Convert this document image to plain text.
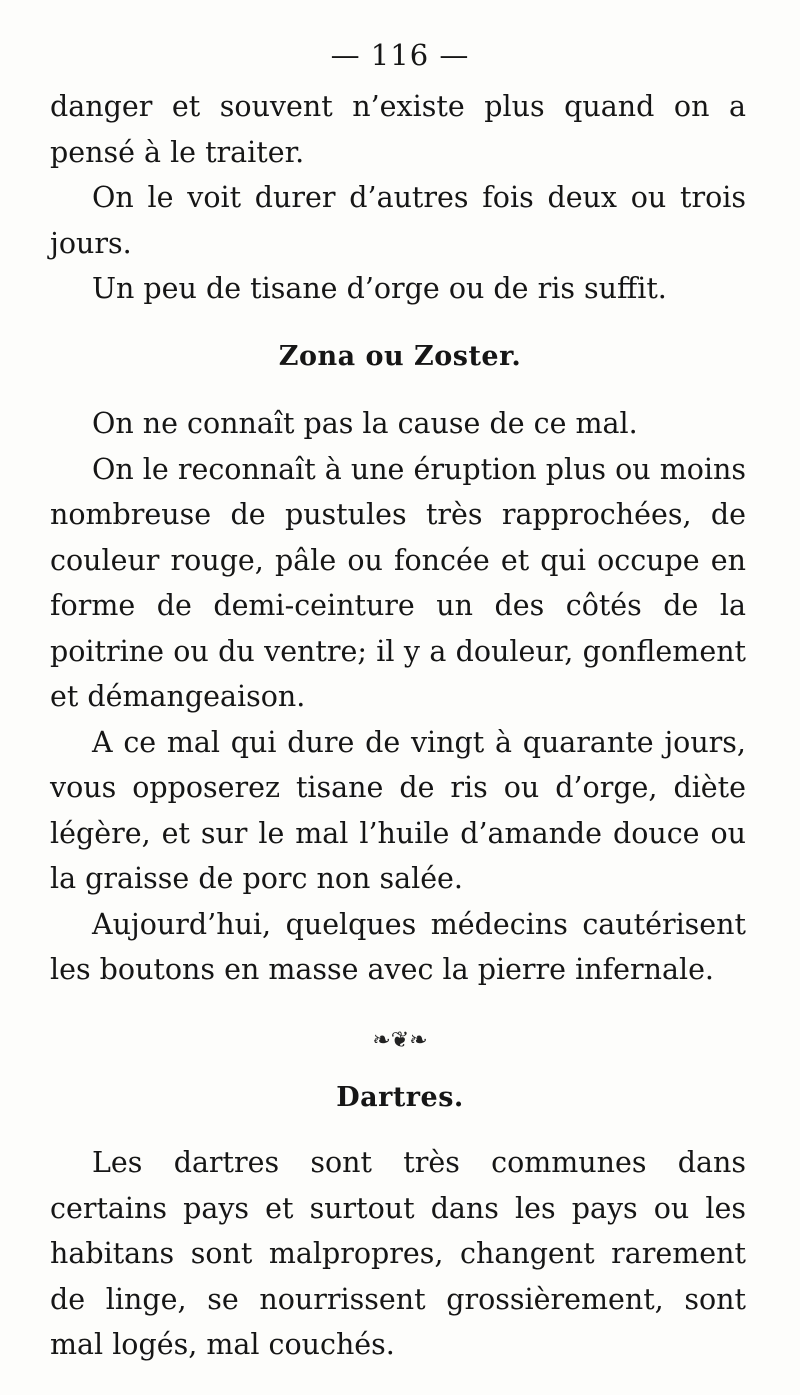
— 116 —

danger et souvent n’existe plus quand on a pensé à le traiter.

On le voit durer d’autres fois deux ou trois jours.

Un peu de tisane d’orge ou de ris suffit.

Zona ou Zoster.

On ne connaît pas la cause de ce mal.

On le reconnaît à une éruption plus ou moins nombreuse de pustules très rapprochées, de couleur rouge, pâle ou foncée et qui occupe en forme de demi-ceinture un des côtés de la poitrine ou du ventre; il y a douleur, gonflement et démangeaison.

A ce mal qui dure de vingt à quarante jours, vous opposerez tisane de ris ou d’orge, diète légère, et sur le mal l’huile d’amande douce ou la graisse de porc non salée.

Aujourd’hui, quelques médecins cautérisent les boutons en masse avec la pierre infernale.

❧❦❧
Dartres.

Les dartres sont très communes dans certains pays et surtout dans les pays ou les habitans sont malpropres, changent rarement de linge, se nourrissent grossièrement, sont mal logés, mal couchés.
